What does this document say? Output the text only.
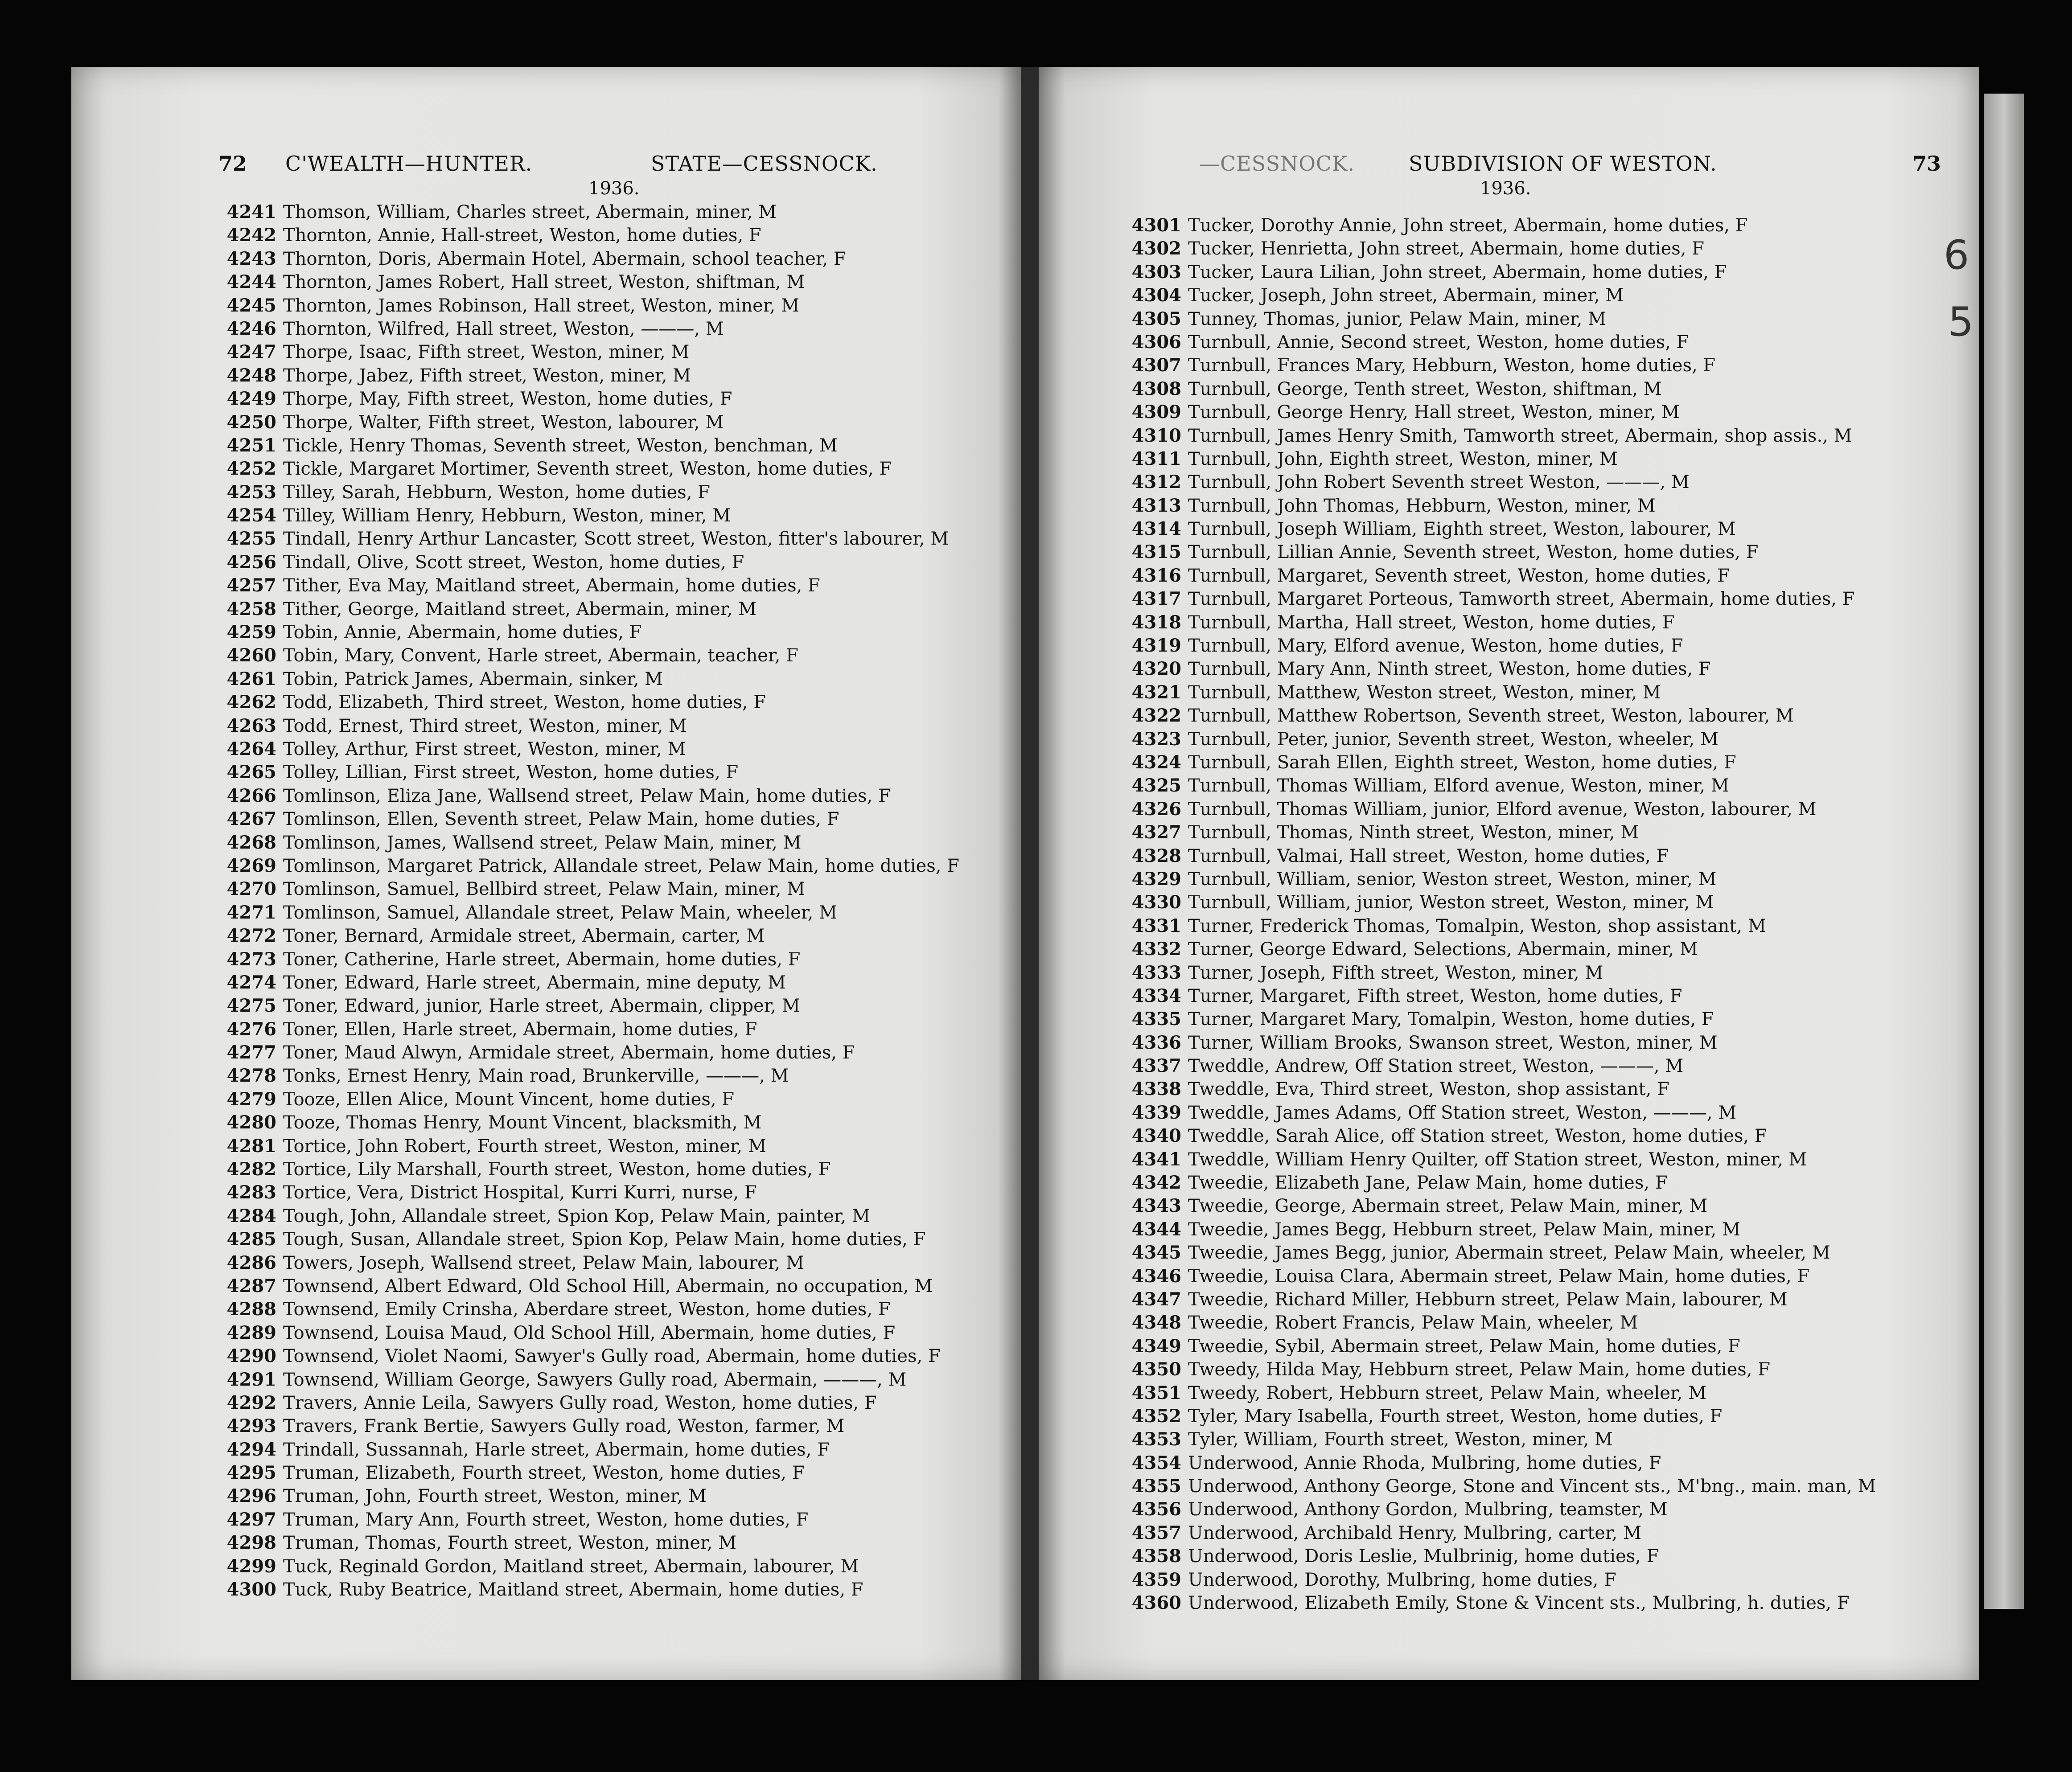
72 C'WEALTH—HUNTER.	STATE—CESSNOCK.
1936.
4241 Thomson, William, Charles street, Abermain, miner, M
4242 Thornton, Annie, Hall-street, Weston, home duties, F
4243 Thornton, Doris, Abermain Hotel, Abermain, school teacher, F
4244 Thornton, James Robert, Hall street, Weston, shiftman, M
4245 Thornton, James Robinson, Hall street, Weston, miner, M
4246 Thornton, Wilfred, Hall street, Weston, ———, M
4247 Thorpe, Isaac, Fifth street, Weston, miner, M
4248 Thorpe, Jabez, Fifth street, Weston, miner, M
4249 Thorpe, May, Fifth street, Weston, home duties, F
4250 Thorpe, Walter, Fifth street, Weston, labourer, M
4251 Tickle, Henry Thomas, Seventh street, Weston, benchman, M
4252 Tickle, Margaret Mortimer, Seventh street, Weston, home duties, F
4253 Tilley, Sarah, Hebburn, Weston, home duties, F
4254 Tilley, William Henry, Hebburn, Weston, miner, M
4255 Tindall, Henry Arthur Lancaster, Scott street, Weston, fitter's labourer, M
4256 Tindall, Olive, Scott street, Weston, home duties, F
4257 Tither, Eva May, Maitland street, Abermain, home duties, F
4258 Tither, George, Maitland street, Abermain, miner, M
4259 Tobin, Annie, Abermain, home duties, F
4260 Tobin, Mary, Convent, Harle street, Abermain, teacher, F
4261 Tobin, Patrick James, Abermain, sinker, M
4262 Todd, Elizabeth, Third street, Weston, home duties, F
4263 Todd, Ernest, Third street, Weston, miner, M
4264 Tolley, Arthur, First street, Weston, miner, M
4265 Tolley, Lillian, First street, Weston, home duties, F
4266 Tomlinson, Eliza Jane, Wallsend street, Pelaw Main, home duties, F
4267 Tomlinson, Ellen, Seventh street, Pelaw Main, home duties, F
4268 Tomlinson, James, Wallsend street, Pelaw Main, miner, M
4269 Tomlinson, Margaret Patrick, Allandale street, Pelaw Main, home duties, F
4270 Tomlinson, Samuel, Bellbird street, Pelaw Main, miner, M
4271 Tomlinson, Samuel, Allandale street, Pelaw Main, wheeler, M
4272 Toner, Bernard, Armidale street, Abermain, carter, M
4273 Toner, Catherine, Harle street, Abermain, home duties, F
4274 Toner, Edward, Harle street, Abermain, mine deputy, M
4275 Toner, Edward, junior, Harle street, Abermain, clipper, M
4276 Toner, Ellen, Harle street, Abermain, home duties, F
4277 Toner, Maud Alwyn, Armidale street, Abermain, home duties, F
4278 Tonks, Ernest Henry, Main road, Brunkerville, ———, M
4279 Tooze, Ellen Alice, Mount Vincent, home duties, F
4280 Tooze, Thomas Henry, Mount Vincent, blacksmith, M
4281 Tortice, John Robert, Fourth street, Weston, miner, M
4282 Tortice, Lily Marshall, Fourth street, Weston, home duties, F
4283 Tortice, Vera, District Hospital, Kurri Kurri, nurse, F
4284 Tough, John, Allandale street, Spion Kop, Pelaw Main, painter, M
4285 Tough, Susan, Allandale street, Spion Kop, Pelaw Main, home duties, F
4286 Towers, Joseph, Wallsend street, Pelaw Main, labourer, M
4287 Townsend, Albert Edward, Old School Hill, Abermain, no occupation, M
4288 Townsend, Emily Crinsha, Aberdare street, Weston, home duties, F
4289 Townsend, Louisa Maud, Old School Hill, Abermain, home duties, F
4290 Townsend, Violet Naomi, Sawyer's Gully road, Abermain, home duties, F
4291 Townsend, William George, Sawyers Gully road, Abermain, ———, M
4292 Travers, Annie Leila, Sawyers Gully road, Weston, home duties, F
4293 Travers, Frank Bertie, Sawyers Gully road, Weston, farmer, M
4294 Trindall, Sussannah, Harle street, Abermain, home duties, F
4295 Truman, Elizabeth, Fourth street, Weston, home duties, F
4296 Truman, John, Fourth street, Weston, miner, M
4297 Truman, Mary Ann, Fourth street, Weston, home duties, F
4298 Truman, Thomas, Fourth street, Weston, miner, M
4299 Tuck, Reginald Gordon, Maitland street, Abermain, labourer, M
4300 Tuck, Ruby Beatrice, Maitland street, Abermain, home duties, F
—CESSNOCK.	SUBDIVISION OF WESTON.	73
1936.
4301 Tucker, Dorothy Annie, John street, Abermain, home duties, F
4302 Tucker, Henrietta, John street, Abermain, home duties, F
4303 Tucker, Laura Lilian, John street, Abermain, home duties, F
4304 Tucker, Joseph, John street, Abermain, miner, M
4305 Tunney, Thomas, junior, Pelaw Main, miner, M
4306 Turnbull, Annie, Second street, Weston, home duties, F
4307 Turnbull, Frances Mary, Hebburn, Weston, home duties, F
4308 Turnbull, George, Tenth street, Weston, shiftman, M
4309 Turnbull, George Henry, Hall street, Weston, miner, M
4310 Turnbull, James Henry Smith, Tamworth street, Abermain, shop assis., M
4311 Turnbull, John, Eighth street, Weston, miner, M
4312 Turnbull, John Robert Seventh street Weston, ———, M
4313 Turnbull, John Thomas, Hebburn, Weston, miner, M
4314 Turnbull, Joseph William, Eighth street, Weston, labourer, M
4315 Turnbull, Lillian Annie, Seventh street, Weston, home duties, F
4316 Turnbull, Margaret, Seventh street, Weston, home duties, F
4317 Turnbull, Margaret Porteous, Tamworth street, Abermain, home duties, F
4318 Turnbull, Martha, Hall street, Weston, home duties, F
4319 Turnbull, Mary, Elford avenue, Weston, home duties, F
4320 Turnbull, Mary Ann, Ninth street, Weston, home duties, F
4321 Turnbull, Matthew, Weston street, Weston, miner, M
4322 Turnbull, Matthew Robertson, Seventh street, Weston, labourer, M
4323 Turnbull, Peter, junior, Seventh street, Weston, wheeler, M
4324 Turnbull, Sarah Ellen, Eighth street, Weston, home duties, F
4325 Turnbull, Thomas William, Elford avenue, Weston, miner, M
4326 Turnbull, Thomas William, junior, Elford avenue, Weston, labourer, M
4327 Turnbull, Thomas, Ninth street, Weston, miner, M
4328 Turnbull, Valmai, Hall street, Weston, home duties, F
4329 Turnbull, William, senior, Weston street, Weston, miner, M
4330 Turnbull, William, junior, Weston street, Weston, miner, M
4331 Turner, Frederick Thomas, Tomalpin, Weston, shop assistant, M
4332 Turner, George Edward, Selections, Abermain, miner, M
4333 Turner, Joseph, Fifth street, Weston, miner, M
4334 Turner, Margaret, Fifth street, Weston, home duties, F
4335 Turner, Margaret Mary, Tomalpin, Weston, home duties, F
4336 Turner, William Brooks, Swanson street, Weston, miner, M
4337 Tweddle, Andrew, Off Station street, Weston, ———, M
4338 Tweddle, Eva, Third street, Weston, shop assistant, F
4339 Tweddle, James Adams, Off Station street, Weston, ———, M
4340 Tweddle, Sarah Alice, off Station street, Weston, home duties, F
4341 Tweddle, William Henry Quilter, off Station street, Weston, miner, M
4342 Tweedie, Elizabeth Jane, Pelaw Main, home duties, F
4343 Tweedie, George, Abermain street, Pelaw Main, miner, M
4344 Tweedie, James Begg, Hebburn street, Pelaw Main, miner, M
4345 Tweedie, James Begg, junior, Abermain street, Pelaw Main, wheeler, M
4346 Tweedie, Louisa Clara, Abermain street, Pelaw Main, home duties, F
4347 Tweedie, Richard Miller, Hebburn street, Pelaw Main, labourer, M
4348 Tweedie, Robert Francis, Pelaw Main, wheeler, M
4349 Tweedie, Sybil, Abermain street, Pelaw Main, home duties, F
4350 Tweedy, Hilda May, Hebburn street, Pelaw Main, home duties, F
4351 Tweedy, Robert, Hebburn street, Pelaw Main, wheeler, M
4352 Tyler, Mary Isabella, Fourth street, Weston, home duties, F
4353 Tyler, William, Fourth street, Weston, miner, M
4354 Underwood, Annie Rhoda, Mulbring, home duties, F
4355 Underwood, Anthony George, Stone and Vincent sts., M'bng., main. man, M
4356 Underwood, Anthony Gordon, Mulbring, teamster, M
4357 Underwood, Archibald Henry, Mulbring, carter, M
4358 Underwood, Doris Leslie, Mulbrinig, home duties, F
4359 Underwood, Dorothy, Mulbring, home duties, F
4360 Underwood, Elizabeth Emily, Stone & Vincent sts., Mulbring, h. duties, F
6
5
